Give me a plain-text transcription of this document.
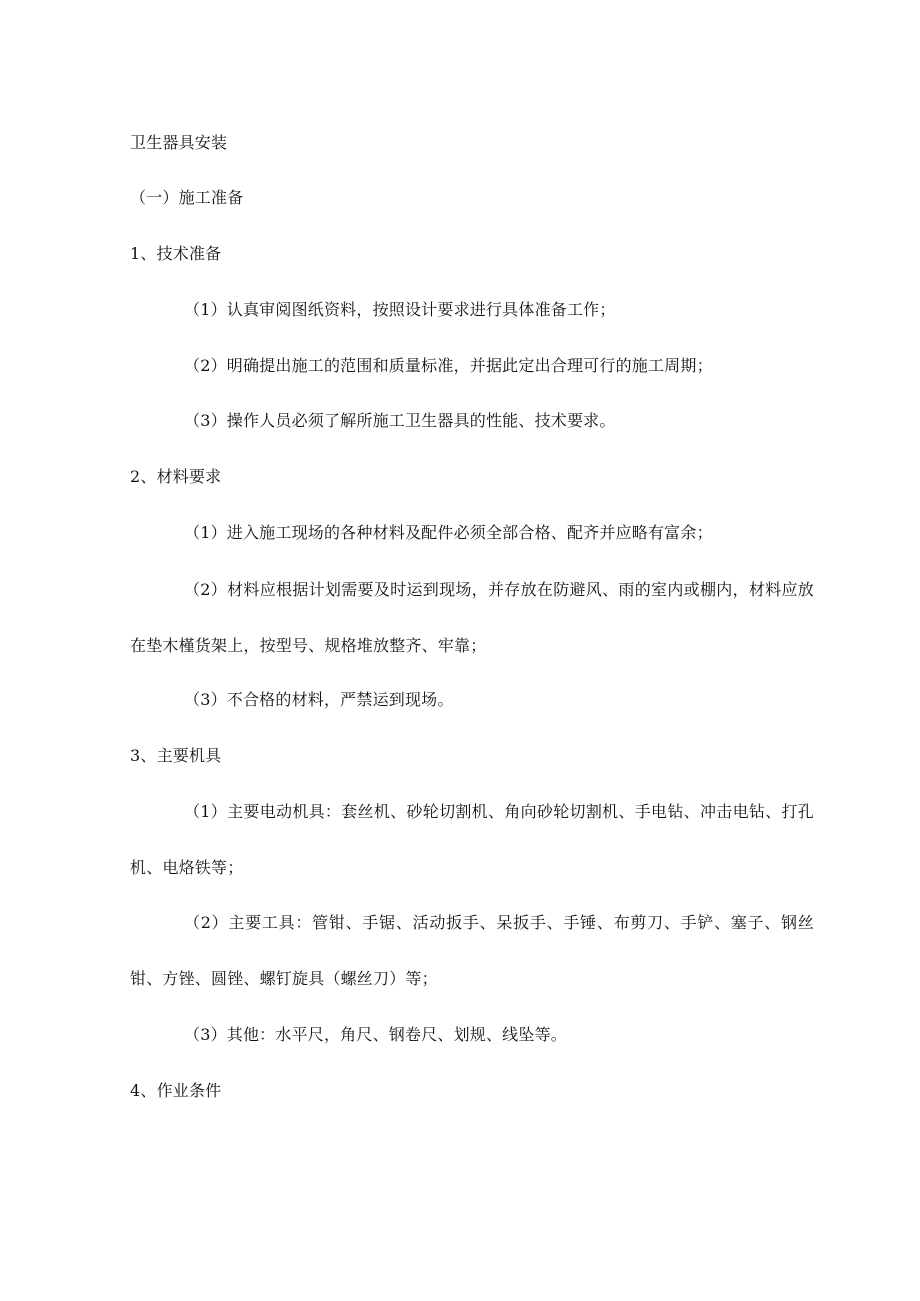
卫生器具安装
（一）施工准备
1、技术准备
（1）认真审阅图纸资料，按照设计要求进行具体准备工作；
（2）明确提出施工的范围和质量标准，并据此定出合理可行的施工周期；
（3）操作人员必须了解所施工卫生器具的性能、技术要求。
2、材料要求
（1）进入施工现场的各种材料及配件必须全部合格、配齐并应略有富余；
（2）材料应根据计划需要及时运到现场，并存放在防避风、雨的室内或棚内，材料应放在垫木槿货架上，按型号、规格堆放整齐、牢靠；
（3）不合格的材料，严禁运到现场。
3、主要机具
（1）主要电动机具：套丝机、砂轮切割机、角向砂轮切割机、手电钻、冲击电钻、打孔机、电烙铁等；
（2）主要工具：管钳、手锯、活动扳手、呆扳手、手锤、布剪刀、手铲、塞子、钢丝钳、方锉、圆锉、螺钉旋具（螺丝刀）等；
（3）其他：水平尺，角尺、钢卷尺、划规、线坠等。
4、作业条件
